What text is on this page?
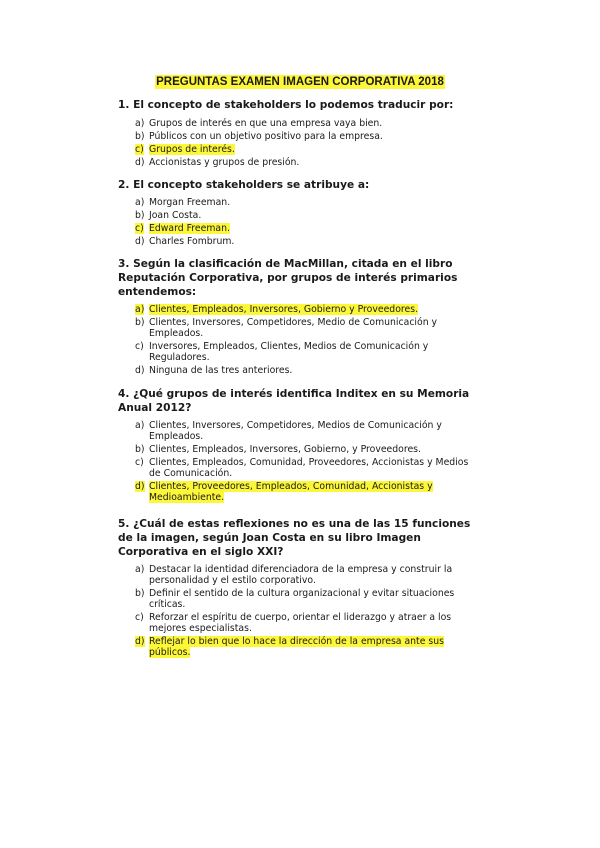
PREGUNTAS EXAMEN IMAGEN CORPORATIVA 2018
1. El concepto de stakeholders lo podemos traducir por:
a) Grupos de interés en que una empresa vaya bien.
b) Públicos con un objetivo positivo para la empresa.
c) Grupos de interés.
d) Accionistas y grupos de presión.
2. El concepto stakeholders se atribuye a:
a) Morgan Freeman.
b) Joan Costa.
c) Edward Freeman.
d) Charles Fombrum.
3. Según la clasificación de MacMillan, citada en el libro Reputación Corporativa, por grupos de interés primarios entendemos:
a) Clientes, Empleados, Inversores, Gobierno y Proveedores.
b) Clientes, Inversores, Competidores, Medio de Comunicación y Empleados.
c) Inversores, Empleados, Clientes, Medios de Comunicación y Reguladores.
d) Ninguna de las tres anteriores.
4. ¿Qué grupos de interés identifica Inditex en su Memoria Anual 2012?
a) Clientes, Inversores, Competidores, Medios de Comunicación y Empleados.
b) Clientes, Empleados, Inversores, Gobierno, y Proveedores.
c) Clientes, Empleados, Comunidad, Proveedores, Accionistas y Medios de Comunicación.
d) Clientes, Proveedores, Empleados, Comunidad, Accionistas y Medioambiente.
5. ¿Cuál de estas reflexiones no es una de las 15 funciones de la imagen, según Joan Costa en su libro Imagen Corporativa en el siglo XXI?
a) Destacar la identidad diferenciadora de la empresa y construir la personalidad y el estilo corporativo.
b) Definir el sentido de la cultura organizacional y evitar situaciones críticas.
c) Reforzar el espíritu de cuerpo, orientar el liderazgo y atraer a los mejores especialistas.
d) Reflejar lo bien que lo hace la dirección de la empresa ante sus públicos.
